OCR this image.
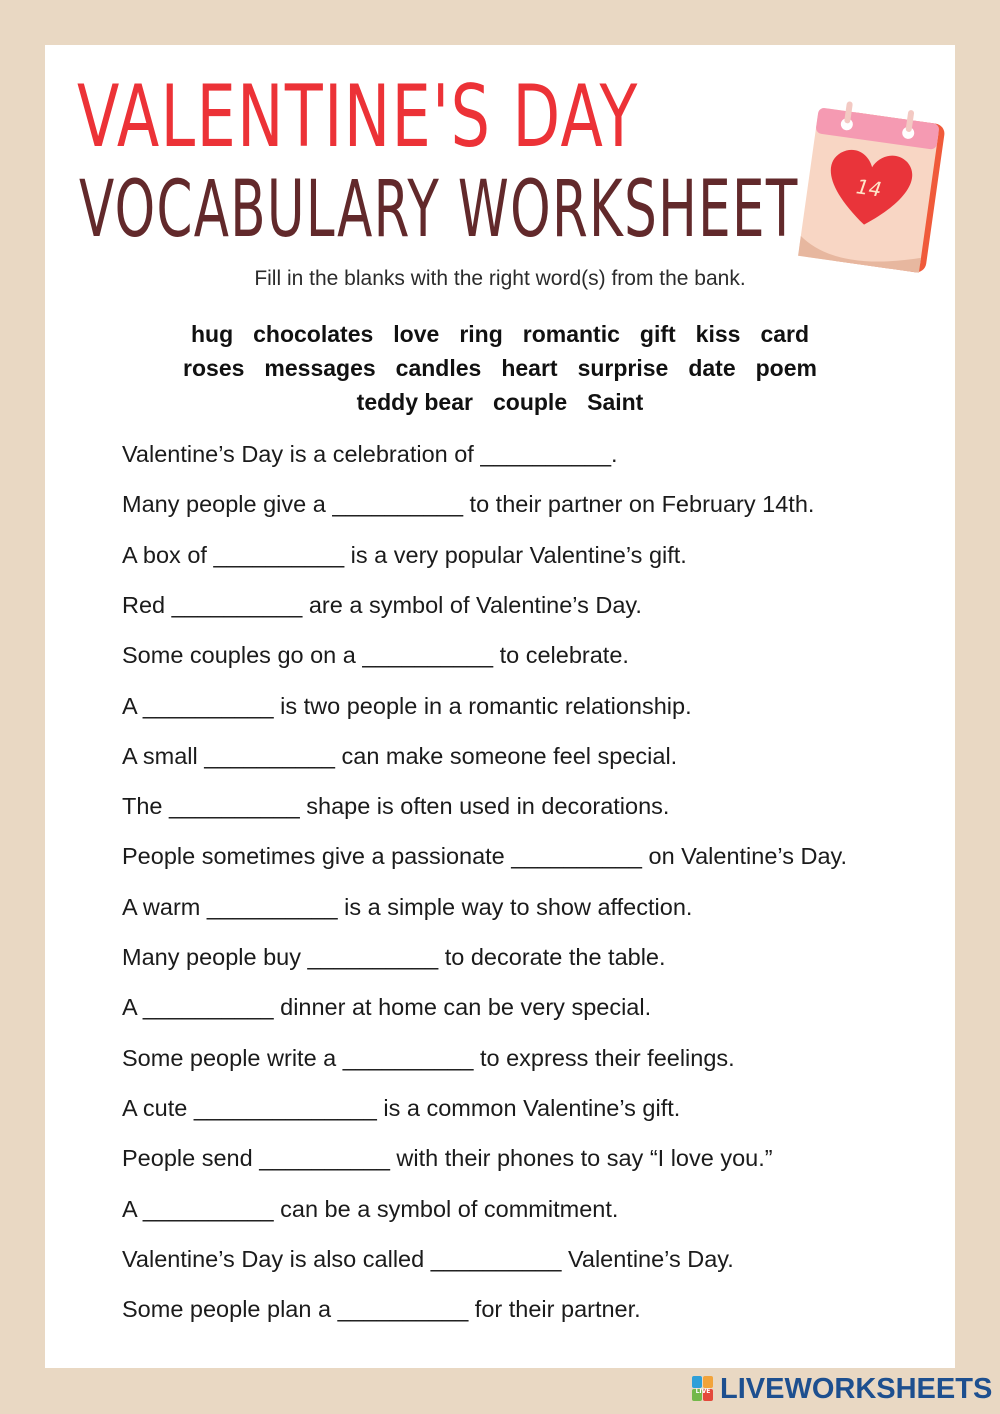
VALENTINE'S DAY
VOCABULARY WORKSHEET	14
Fill in the blanks with the right word(s) from the bank.
hug chocolates love ring romantic gift kiss card
roses messages candles heart surprise date poem
teddy bear couple Saint
Valentine’s Day is a celebration of __________.
Many people give a __________ to their partner on February 14th.
A box of __________ is a very popular Valentine’s gift.
Red __________ are a symbol of Valentine’s Day.
Some couples go on a __________ to celebrate.
A __________ is two people in a romantic relationship.
A small __________ can make someone feel special.
The __________ shape is often used in decorations.
People sometimes give a passionate __________ on Valentine’s Day.
A warm __________ is a simple way to show affection.
Many people buy __________ to decorate the table.
A __________ dinner at home can be very special.
Some people write a __________ to express their feelings.
A cute ______________ is a common Valentine’s gift.
People send __________ with their phones to say “I love you.”
A __________ can be a symbol of commitment.
Valentine’s Day is also called __________ Valentine’s Day.
Some people plan a __________ for their partner.
LIVE LIVEWORKSHEETS
